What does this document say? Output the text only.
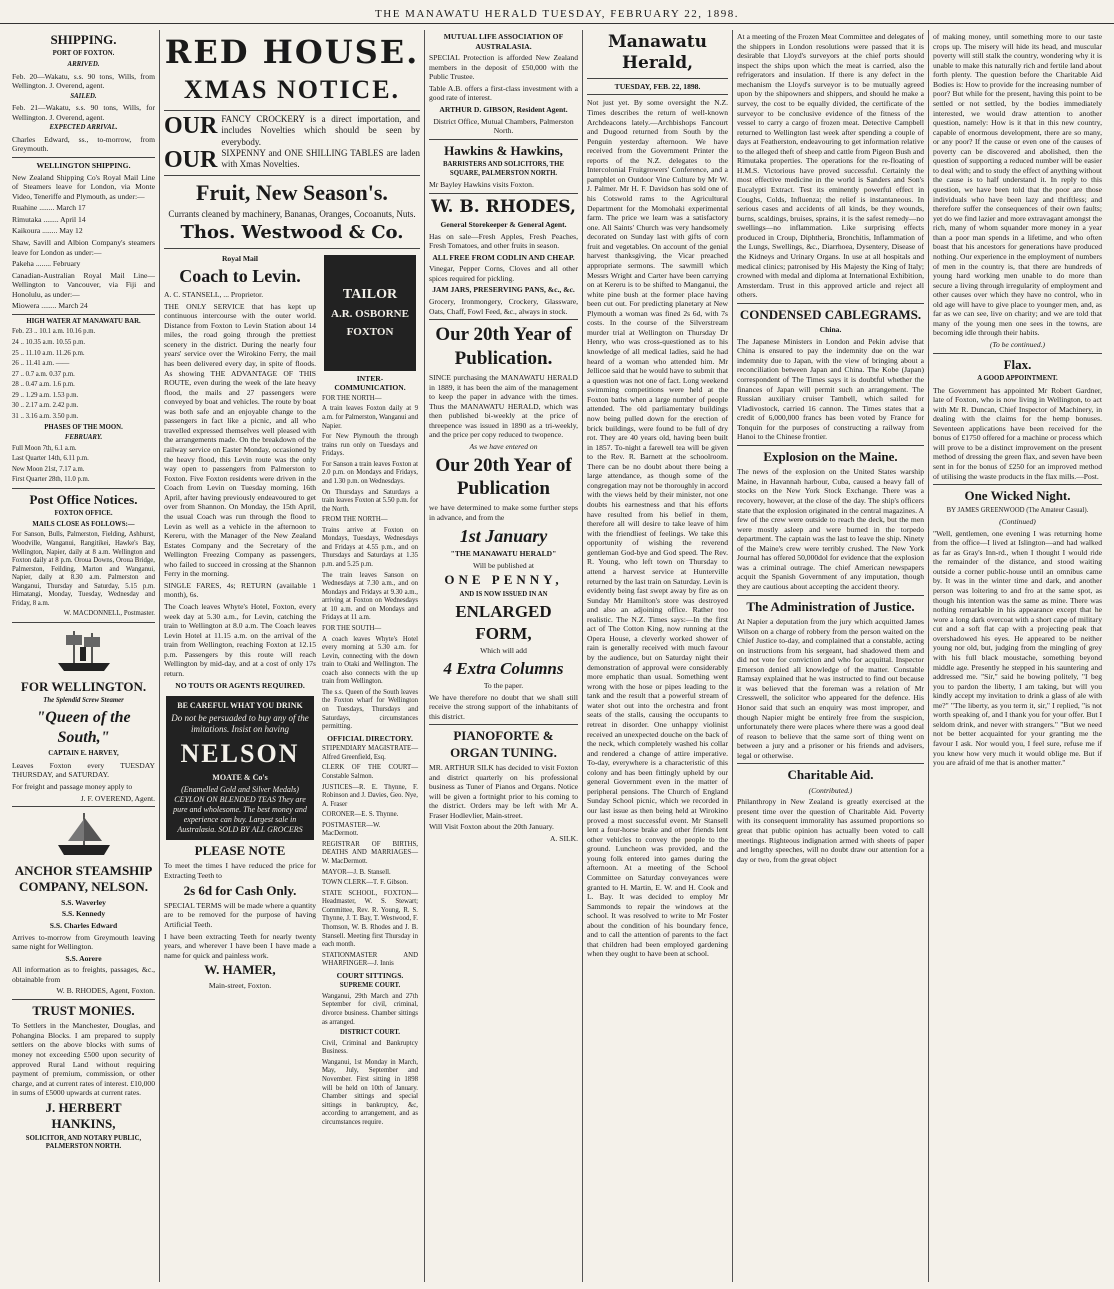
THE MANAWATU HERALD TUESDAY, FEBRUARY 22, 1898.
SHIPPING.
PORT OF FOXTON.
ARRIVED.
Feb. 20—Wakatu, s.s. 90 tons, Wills, from Wellington. J. Overend, agent.
SAILED.
Feb. 21—Wakatu, s.s. 90 tons, Wills, for Wellington. J. Overend, agent.
EXPECTED ARRIVAL.
Charles Edward, ss., to-morrow, from Greymouth.
WELLINGTON SHIPPING.
New Zealand Shipping Co's Royal Mail Line of Steamers leave for London, via Monte Video, Teneriffe and Plymouth, as under:—
Ruahine ........ March 17
Rimutaka ........ April 14
Kaikoura ........ May 12
Shaw, Savill and Albion Company's steamers leave for London as under:—
Pakeha ........ February
Canadian-Australian Royal Mail Line—Wellington to Vancouver, via Fiji and Honolulu, as under:—
Miowera ........ March 24
HIGH WATER AT MANAWATU BAR.
Feb. 23 .. 10.1 a.m. 10.16 p.m.
24 .. 10.35 a.m. 10.55 p.m.
25 .. 11.10 a.m. 11.26 p.m.
26 .. 11.41 a.m. ——
27 .. 0.7 a.m. 0.37 p.m.
28 .. 0.47 a.m. 1.6 p.m.
29 .. 1.29 a.m. 1.53 p.m.
30 .. 2.17 a.m. 2.42 p.m.
31 .. 3.16 a.m. 3.50 p.m.
PHASES OF THE MOON.
FEBRUARY.
Full Moon 7th, 6.1 a.m.
Last Quarter 14th, 6.11 p.m.
New Moon 21st, 7.17 a.m.
First Quarter 28th, 11.0 p.m.
Post Office Notices.
FOXTON OFFICE.
MAILS CLOSE AS FOLLOWS:—
For Sanson, Bulls, Palmerston, Fielding, Ashhurst, Woodville, Wanganui, Rangitikei, Hawke's Bay, Wellington, Napier, daily at 8 a.m. Wellington and Foxton daily at 8 p.m. Oroua Downs, Oroua Bridge, Palmerston, Feilding, Marton and Wanganui, Napier, daily at 8.30 a.m. Palmerston and Wanganui, Thursday and Saturday, 5.15 p.m. Himatangi, Monday, Tuesday, Wednesday and Friday, 8 a.m.
W. MACDONNELL, Postmaster.
FOR WELLINGTON.
The Splendid Screw Steamer
"Queen of the South,"
CAPTAIN E. HARVEY,
Leaves Foxton every TUESDAY THURSDAY, and SATURDAY.
For freight and passage money apply to
J. F. OVEREND, Agent.
ANCHOR STEAMSHIP COMPANY, NELSON.
S.S. Waverley
S.S. Kennedy
S.S. Charles Edward
Arrives to-morrow from Greymouth leaving same night for Wellington.
S.S. Aorere
All information as to freights, passages, &c., obtainable from
W. B. RHODES, Agent, Foxton.
TRUST MONIES.
To Settlers in the Manchester, Douglas, and Pohangina Blocks. I am prepared to supply settlers on the above blocks with sums of money not exceeding £500 upon security of approved Rural Land without requiring payment of premium, commission, or other charge, and at current rates of interest. £10,000 in sums of £5000 upwards at current rates.
J. HERBERT HANKINS,
SOLICITOR, AND NOTARY PUBLIC, PALMERSTON NORTH.
RED HOUSE.
XMAS NOTICE.
OUR FANCY CROCKERY is a direct importation, and includes Novelties which should be seen by everybody.
OUR SIXPENNY and ONE SHILLING TABLES are laden with Xmas Novelties.
Fruit, New Season's.
Currants cleaned by machinery, Bananas, Oranges, Cocoanuts, Nuts.
Thos. Westwood & Co.
Royal Mail
Coach to Levin.
A. C. STANSELL, ... Proprietor.
THE ONLY SERVICE that has kept up continuous intercourse with the outer world. Distance from Foxton to Levin Station about 14 miles, the road going through the prettiest scenery in the district. During the nearly four years' service over the Wirokino Ferry, the mail has been delivered every day, in spite of floods. As showing THE ADVANTAGE OF THIS ROUTE, even during the week of the late heavy flood, the mails and 27 passengers were conveyed by boat and vehicles. The route by boat was both safe and an enjoyable change to the passengers in fact like a picnic, and all who travelled expressed themselves well pleased with the arrangements made. On the breakdown of the railway service on Easter Monday, occasioned by the heavy flood, this Levin route was the only way open to passengers from Palmerston to Foxton. Five Foxton residents were driven in the Coach from Levin on Tuesday morning, 16th April, after having previously endeavoured to get over from Shannon. On Monday, the 15th April, the usual Coach was run through the flood to Levin as well as a vehicle in the afternoon to Kereru, with the Manager of the New Zealand Estates Company and the Secretary of the Wellington Freezing Company as passengers, who failed to succeed in crossing at the Shannon Ferry in the morning.
SINGLE FARES, 4s; RETURN (available 1 month), 6s.
The Coach leaves Whyte's Hotel, Foxton, every week day at 5.30 a.m., for Levin, catching the train to Wellington at 8.0 a.m. The Coach leaves Levin Hotel at 11.15 a.m. on the arrival of the train from Wellington, reaching Foxton at 12.15 p.m. Passengers by this route will reach Wellington by mid-day, and at a cost of only 17s return.
NO TOUTS OR AGENTS REQUIRED.
BE CAREFUL WHAT YOU DRINK
Do not be persuaded to buy any of the imitations. Insist on having
NELSON
MOATE & Co's
(Enamelled Gold and Silver Medals) CEYLON ON BLENDED TEAS They are pure and wholesome. The best money and experience can buy. Largest sale in Australasia. SOLD BY ALL GROCERS
PLEASE NOTE
To meet the times I have reduced the price for Extracting Teeth to
2s 6d for Cash Only.
SPECIAL TERMS will be made where a quantity are to be removed for the purpose of having Artificial Teeth.
I have been extracting Teeth for nearly twenty years, and wherever I have been I have made a name for quick and painless work.
W. HAMER,
Main-street, Foxton.
TAILOR
A.R. OSBORNE
FOXTON
INTER-COMMUNICATION.
FOR THE NORTH—
A train leaves Foxton daily at 9 a.m. for Palmerston, Wanganui and Napier.
For New Plymouth the through trains run only on Tuesdays and Fridays.
For Sanson a train leaves Foxton at 2.0 p.m. on Mondays and Fridays, and 1.30 p.m. on Wednesdays.
On Thursdays and Saturdays a train leaves Foxton at 5.50 p.m. for the North.
FROM THE NORTH—
Trains arrive at Foxton on Mondays, Tuesdays, Wednesdays and Fridays at 4.55 p.m., and on Thursdays and Saturdays at 1.35 p.m. and 5.25 p.m.
The train leaves Sanson on Wednesdays at 7.30 a.m., and on Mondays and Fridays at 9.30 a.m., arriving at Foxton on Wednesdays at 10 a.m. and on Mondays and Fridays at 11 a.m.
FOR THE SOUTH—
A coach leaves Whyte's Hotel every morning at 5.30 a.m. for Levin, connecting with the down train to Otaki and Wellington. The coach also connects with the up train from Wellington.
The s.s. Queen of the South leaves the Foxton wharf for Wellington on Tuesdays, Thursdays and Saturdays, circumstances permitting.
OFFICIAL DIRECTORY.
STIPENDIARY MAGISTRATE—Alfred Greenfield, Esq.
CLERK OF THE COURT—Constable Salmon.
JUSTICES—R. E. Thynne, F. Robinson and J. Davies, Geo. Nye, A. Fraser
CORONER—E. S. Thynne.
POSTMASTER—W. MacDermott.
REGISTRAR OF BIRTHS, DEATHS AND MARRIAGES—W. MacDermott.
MAYOR—J. B. Stansell.
TOWN CLERK—T. F. Gibson.
STATE SCHOOL, FOXTON—Headmaster, W. S. Stewart; Committee, Rev. R. Young, R. S. Thynne, J. T. Bay, T. Westwood, F. Thomson, W. B. Rhodes and J. B. Stansell. Meeting first Thursday in each month.
STATIONMASTER AND WHARFINGER—J. Innis
COURT SITTINGS.
SUPREME COURT.
Wanganui, 29th March and 27th September for civil, criminal, divorce business. Chamber sittings as arranged.
DISTRICT COURT.
Civil, Criminal and Bankruptcy Business.
Wanganui, 1st Monday in March, May, July, September and November. First sitting in 1898 will be held on 10th of January. Chamber sittings and special sittings in bankruptcy, &c, according to arrangement, and as circumstances require.
MUTUAL LIFE ASSOCIATION OF AUSTRALASIA.
SPECIAL Protection is afforded New Zealand members in the deposit of £50,000 with the Public Trustee.
Table A.B. offers a first-class investment with a good rate of interest.
ARTHUR D. GIBSON, Resident Agent.
District Office, Mutual Chambers, Palmerston North.
Hawkins & Hawkins,
BARRISTERS AND SOLICITORS, THE SQUARE, PALMERSTON NORTH.
Mr Bayley Hawkins visits Foxton.
W. B. RHODES,
General Storekeeper & General Agent.
Has on sale—Fresh Apples, Fresh Peaches, Fresh Tomatoes, and other fruits in season.
ALL FREE FROM CODLIN AND CHEAP.
Vinegar, Pepper Corns, Cloves and all other spices required for pickling.
JAM JARS, PRESERVING PANS, &c., &c.
Grocery, Ironmongery, Crockery, Glassware, Oats, Chaff, Fowl Feed, &c., always in stock.
Our 20th Year of Publication.
SINCE purchasing the MANAWATU HERALD in 1889, it has been the aim of the management to keep the paper in advance with the times. Thus the MANAWATU HERALD, which was then published bi-weekly at the price of threepence was issued in 1890 as a tri-weekly, and the price per copy reduced to twopence.
As we have entered on
Our 20th Year of Publication
we have determined to make some further steps in advance, and from the
1st January
"THE MANAWATU HERALD"
Will be published at
ONE PENNY,
AND IS NOW ISSUED IN AN
ENLARGED FORM,
Which will add
4 Extra Columns
To the paper.
We have therefore no doubt that we shall still receive the strong support of the inhabitants of this district.
PIANOFORTE & ORGAN TUNING.
MR. ARTHUR SILK has decided to visit Foxton and district quarterly on his professional business as Tuner of Pianos and Organs. Notice will be given a fortnight prior to his coming to the district. Orders may be left with Mr A. Fraser Hodlevlier, Main-street.
Will Visit Foxton about the 20th January.
A. SILK.
Manawatu Herald,
TUESDAY, FEB. 22, 1898.
Not just yet. By some oversight the N.Z. Times describes the return of well-known Archdeacons lately.—Archbishops Fancourt and Dugood returned from South by the Penguin yesterday afternoon. We have received from the Government Printer the reports of the N.Z. delegates to the Intercolonial Fruitgrowers' Conference, and a pamphlet on Outdoor Vine Culture by Mr W. J. Palmer. Mr H. F. Davidson has sold one of his Cotswold rams to the Agricultural Department for the Momohaki experimental farm. The price we learn was a satisfactory one. All Saints' Church was very handsomely decorated on Sunday last with gifts of corn fruit and vegetables. On account of the genial harvest thanksgiving, the Vicar preached appropriate sermons. The sawmill which Messrs Wright and Carter have been carrying on at Kereru is to be shifted to Manganui, the white pine bush at the former place having been cut out. For predicting planetary at New Plymouth a woman was fined 2s 6d, with 7s costs. In the course of the Silverstream murder trial at Wellington on Thursday Dr Henry, who was cross-questioned as to his knowledge of all medical ladies, said he had heard of a woman who attended him. Mr Jellicoe said that he would have to submit that a question was not one of fact. Long weekend swimming competitions were held at the Foxton baths when a large number of people attended. The old parliamentary buildings now being pulled down for the erection of brick buildings, were found to be full of dry rot. They are 40 years old, having been built in 1857. To-night a farewell tea will be given to the Rev. R. Barnett at the schoolroom. There can be no doubt about there being a large attendance, as though some of the congregation may not be thoroughly in accord with the views held by their minister, not one doubts his earnestness and that his efforts have resulted from his belief in them, therefore all will desire to take leave of him with the friendliest of feelings. We take this opportunity of wishing the reverend gentleman God-bye and God speed. The Rev. R. Young, who left town on Thursday to attend a harvest service at Hunterville returned by the last train on Saturday. Levin is evidently being fast swept away by fire as on Sunday Mr Hamilton's store was destroyed and also an adjoining office. Rather too realistic. The N.Z. Times says:—In the first act of The Cotton King, now running at the Opera House, a cleverly worked shower of rain is generally received with much favour by the audience, but on Saturday night their demonstration of approval were considerably more emphatic than usual. Something went wrong with the hose or pipes leading to the tank and the result that a powerful stream of water shot out into the orchestra and front seats of the stalls, causing the occupants to retreat in disorder. One unhappy violinist received an unexpected douche on the back of the neck, which completely washed his collar and rendered a change of attire imperative. To-day, everywhere is a characteristic of this colony and has been fittingly upheld by our general Government even in the matter of peripheral pensions. The Church of England Sunday School picnic, which we recorded in our last issue as then being held at Wirokino proved a most successful event. Mr Stansell lent a four-horse brake and other friends lent other vehicles to convey the people to the ground. Luncheon was provided, and the young folk entered into games during the afternoon. At a meeting of the School Committee on Saturday conveyances were granted to H. Martin, E. W. and H. Cook and L. Bay. It was decided to employ Mr Sammonds to repair the windows at the school. It was resolved to write to Mr Foster about the condition of his boundary fence, and to call the attention of parents to the fact that children had been employed gardening when they ought to have been at school.
At a meeting of the Frozen Meat Committee and delegates of the shippers in London resolutions were passed that it is desirable that Lloyd's surveyors at the chief ports should inspect the ships upon which the meat is carried, also the refrigerators and insulation. If there is any defect in the mechanism the Lloyd's surveyor is to be mutually agreed upon by the shipowners and shippers, and should he make a survey, the cost to be equally divided, the certificate of the surveyor to be conclusive evidence of the fitness of the vessel to carry a cargo of frozen meat. Detective Campbell returned to Wellington last week after spending a couple of days at Featherston, endeavouring to get information relative to the alleged theft of sheep and cattle from Pigeon Bush and Rimutaka properties. The operations for the re-floating of H.M.S. Victorious have proved successful. Certainly the most effective medicine in the world is Sanders and Son's Eucalypti Extract. Test its eminently powerful effect in Coughs, Colds, Influenza; the relief is instantaneous. In serious cases and accidents of all kinds, be they wounds, burns, scaldings, bruises, sprains, it is the safest remedy—no swellings—no inflammation. Like surprising effects produced in Croup, Diphtheria, Bronchitis, Inflammation of the Lungs, Swellings, &c., Diarrhoea, Dysentery, Disease of the Kidneys and Urinary Organs. In use at all hospitals and medical clinics; patronised by His Majesty the King of Italy; crowned with medal and diploma at International Exhibition, Amsterdam. Trust in this approved article and reject all others.
CONDENSED CABLEGRAMS.
China.
The Japanese Ministers in London and Pekin advise that China is ensured to pay the indemnity due on the war indemnity due to Japan, with the view of bringing about a reconciliation between Japan and China. The Kobe (Japan) correspondent of The Times says it is doubtful whether the finances of Japan will permit such an arrangement. The Russian auxiliary cruiser Tambell, which sailed for Vladivostock, carried 16 cannon. The Times states that a credit of 6,000,000 francs has been voted by France for Tonquin for the purposes of constructing a railway from Hanoi to the Chinese frontier.
Explosion on the Maine.
The news of the explosion on the United States warship Maine, in Havannah harbour, Cuba, caused a heavy fall of stocks on the New York Stock Exchange. There was a recovery, however, at the close of the day. The ship's officers state that the explosion originated in the central magazines. A few of the crew were outside to reach the deck, but the men were mostly asleep and were burned in the torpedo department. The captain was the last to leave the ship. Ninety of the Maine's crew were terribly crushed. The New York Journal has offered 50,000dol for evidence that the explosion was a criminal outrage. The chief American newspapers acquit the Spanish Government of any imputation, though they are cautious about accepting the accident theory.
The Administration of Justice.
At Napier a deputation from the jury which acquitted James Wilson on a charge of robbery from the person waited on the Chief Justice to-day, and complained that a constable, acting on instructions from his sergeant, had shadowed them and did not vote for conviction and who for acquittal. Inspector Emerson denied all knowledge of the matter. Constable Ramsay explained that he was instructed to find out because it was believed that the foreman was a relation of Mr Cresswell, the solicitor who appeared for the defence. His Honor said that such an enquiry was most improper, and though Napier might be entirely free from the suspicion, unfortunately there were places where there was a good deal of reason to believe that the same sort of thing went on between a jury and a prisoner or his friends and advisers, legal or otherwise.
Charitable Aid.
(Contributed.)
Philanthropy in New Zealand is greatly exercised at the present time over the question of Charitable Aid. Poverty with its consequent immorality has assumed proportions so great that public opinion has actually been voted to call meetings. Righteous indignation armed with sheets of paper and lengthy speeches, will no doubt draw our attention for a day or two, from the great object
of making money, until something more to our taste crops up. The misery will hide its head, and muscular poverty will still stalk the country, wondering why it is unable to make this naturally rich and fertile land about forth plenty. The question before the Charitable Aid Bodies is: How to provide for the increasing number of poor? But while for the present, having this point to be settled or not settled, by the bodies immediately interested, we would draw attention to another question, namely: How is it that in this new country, capable of enormous development, there are so many, or any poor? If the cause or even one of the causes of poverty can be discovered and abolished, then the question of supporting a reduced number will be easier to deal with; and to study the effect of anything without the cause is to half understand it. In reply to this question, we have been told that the poor are those individuals who have been lazy and thriftless; and therefore suffer the consequences of their own faults; yet do we find lazier and more extravagant amongst the rich, many of whom squander more money in a year than a poor man spends in a lifetime, and who often boast that his ancestors for generations have produced nothing. Our experience in the employment of numbers of men in the country is, that there are hundreds of young hard working men unable to do more than secure a living through irregularity of employment and other causes over which they have no control, who in old age will have to give place to younger men, and, as far as we can see, live on charity; and we are told that many of the young men one sees in the towns, are becoming idle through their habits.
(To be continued.)
Flax.
A GOOD APPOINTMENT.
The Government has appointed Mr Robert Gardner, late of Foxton, who is now living in Wellington, to act with Mr R. Duncan, Chief Inspector of Machinery, in dealing with the claims for the hemp bonuses. Seventeen applications have been received for the bonus of £1750 offered for a machine or process which will prove to be a distinct improvement on the present method of dressing the green flax, and seven have been sent in for the bonus of £250 for an improved method of utilising the waste products in the flax mills.—Post.
One Wicked Night.
BY JAMES GREENWOOD (The Amateur Casual).
(Continued)
"Well, gentlemen, one evening I was returning home from the office—I lived at Islington—and had walked as far as Gray's Inn-rd., when I thought I would ride the remainder of the distance, and stood waiting outside a corner public-house until an omnibus came by. It was in the winter time and dark, and another person was loitering to and fro at the same spot, as though his intention was the same as mine. There was nothing remarkable in his appearance except that he wore a long dark overcoat with a short cape of military cut and a soft flat cap with a projecting peak that overshadowed his eyes. He appeared to be neither young nor old, but, judging from the mingling of grey with his full black moustache, something beyond middle age. Presently he stepped in his sauntering and addressed me. "Sir," said he bowing politely, "I beg you to pardon the liberty, I am taking, but will you kindly accept my invitation to drink a glass of ale with me?" "The liberty, as you term it, sir," I replied, "is not worth speaking of, and I thank you for your offer. But I seldom drink, and never with strangers." "But we need not be better acquainted for your granting me the favour I ask. Nor would you, I feel sure, refuse me if you knew how very much it would oblige me. But if you are afraid of me that is another matter."
